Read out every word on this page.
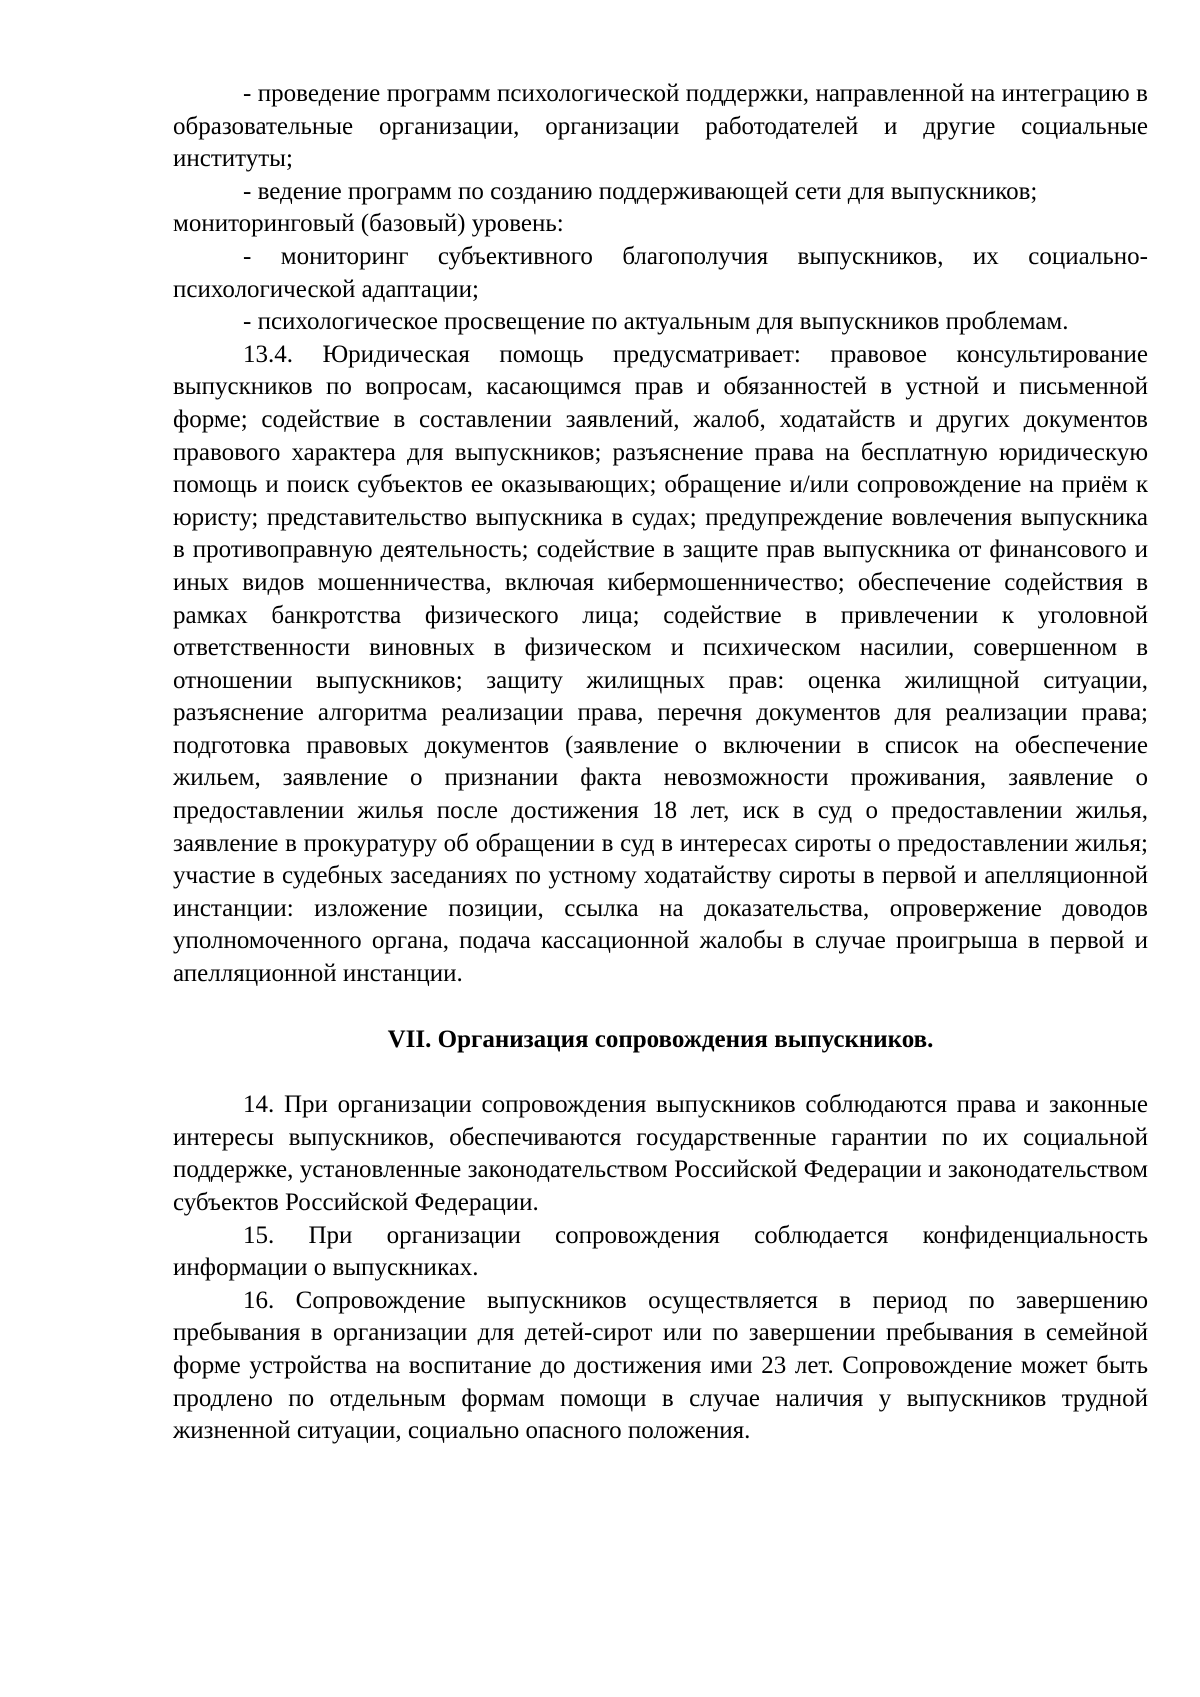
- проведение программ психологической поддержки, направленной на интеграцию в образовательные организации, организации работодателей и другие социальные институты;

- ведение программ по созданию поддерживающей сети для выпускников;

мониторинговый (базовый) уровень:

- мониторинг субъективного благополучия выпускников, их социально-психологической адаптации;

- психологическое просвещение по актуальным для выпускников проблемам.

13.4. Юридическая помощь предусматривает: правовое консультирование выпускников по вопросам, касающимся прав и обязанностей в устной и письменной форме; содействие в составлении заявлений, жалоб, ходатайств и других документов правового характера для выпускников; разъяснение права на бесплатную юридическую помощь и поиск субъектов ее оказывающих; обращение и/или сопровождение на приём к юристу; представительство выпускника в судах; предупреждение вовлечения выпускника в противоправную деятельность; содействие в защите прав выпускника от финансового и иных видов мошенничества, включая кибермошенничество; обеспечение содействия в рамках банкротства физического лица; содействие в привлечении к уголовной ответственности виновных в физическом и психическом насилии, совершенном в отношении выпускников; защиту жилищных прав: оценка жилищной ситуации, разъяснение алгоритма реализации права, перечня документов для реализации права; подготовка правовых документов (заявление о включении в список на обеспечение жильем, заявление о признании факта невозможности проживания, заявление о предоставлении жилья после достижения 18 лет, иск в суд о предоставлении жилья, заявление в прокуратуру об обращении в суд в интересах сироты о предоставлении жилья; участие в судебных заседаниях по устному ходатайству сироты в первой и апелляционной инстанции: изложение позиции, ссылка на доказательства, опровержение доводов уполномоченного органа, подача кассационной жалобы в случае проигрыша в первой и апелляционной инстанции.

VII. Организация сопровождения выпускников.

14. При организации сопровождения выпускников соблюдаются права и законные интересы выпускников, обеспечиваются государственные гарантии по их социальной поддержке, установленные законодательством Российской Федерации и законодательством субъектов Российской Федерации.

15. При организации сопровождения соблюдается конфиденциальность информации о выпускниках.

16. Сопровождение выпускников осуществляется в период по завершению пребывания в организации для детей-сирот или по завершении пребывания в семейной форме устройства на воспитание до достижения ими 23 лет. Сопровождение может быть продлено по отдельным формам помощи в случае наличия у выпускников трудной жизненной ситуации, социально опасного положения.
